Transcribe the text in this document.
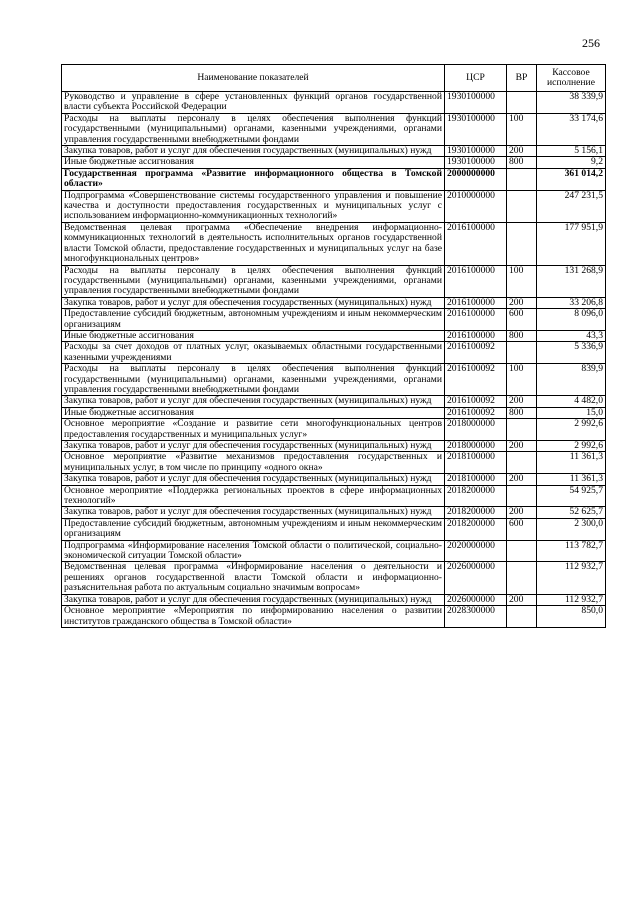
256
Наименование показателей	ЦСР	ВР	Кассовое исполнение
Руководство и управление в сфере установленных функций органов государственной власти субъекта Российской Федерации	1930100000		38 339,9
Расходы на выплаты персоналу в целях обеспечения выполнения функций государственными (муниципальными) органами, казенными учреждениями, органами управления государственными внебюджетными фондами	1930100000	100	33 174,6
Закупка товаров, работ и услуг для обеспечения государственных (муниципальных) нужд	1930100000	200	5 156,1
Иные бюджетные ассигнования	1930100000	800	9,2
Государственная программа «Развитие информационного общества в Томской области»	2000000000		361 014,2
Подпрограмма «Совершенствование системы государственного управления и повышение качества и доступности предоставления государственных и муниципальных услуг с использованием информационно-коммуникационных технологий»	2010000000		247 231,5
Ведомственная целевая программа «Обеспечение внедрения информационно-коммуникационных технологий в деятельность исполнительных органов государственной власти Томской области, предоставление государственных и муниципальных услуг на базе многофункциональных центров»	2016100000		177 951,9
Расходы на выплаты персоналу в целях обеспечения выполнения функций государственными (муниципальными) органами, казенными учреждениями, органами управления государственными внебюджетными фондами	2016100000	100	131 268,9
Закупка товаров, работ и услуг для обеспечения государственных (муниципальных) нужд	2016100000	200	33 206,8
Предоставление субсидий бюджетным, автономным учреждениям и иным некоммерческим организациям	2016100000	600	8 096,0
Иные бюджетные ассигнования	2016100000	800	43,3
Расходы за счет доходов от платных услуг, оказываемых областными государственными казенными учреждениями	2016100092		5 336,9
Расходы на выплаты персоналу в целях обеспечения выполнения функций государственными (муниципальными) органами, казенными учреждениями, органами управления государственными внебюджетными фондами	2016100092	100	839,9
Закупка товаров, работ и услуг для обеспечения государственных (муниципальных) нужд	2016100092	200	4 482,0
Иные бюджетные ассигнования	2016100092	800	15,0
Основное мероприятие «Создание и развитие сети многофункциональных центров предоставления государственных и муниципальных услуг»	2018000000		2 992,6
Закупка товаров, работ и услуг для обеспечения государственных (муниципальных) нужд	2018000000	200	2 992,6
Основное мероприятие «Развитие механизмов предоставления государственных и муниципальных услуг, в том числе по принципу «одного окна»	2018100000		11 361,3
Закупка товаров, работ и услуг для обеспечения государственных (муниципальных) нужд	2018100000	200	11 361,3
Основное мероприятие «Поддержка региональных проектов в сфере информационных технологий»	2018200000		54 925,7
Закупка товаров, работ и услуг для обеспечения государственных (муниципальных) нужд	2018200000	200	52 625,7
Предоставление субсидий бюджетным, автономным учреждениям и иным некоммерческим организациям	2018200000	600	2 300,0
Подпрограмма «Информирование населения Томской области о политической, социально-экономической ситуации Томской области»	2020000000		113 782,7
Ведомственная целевая программа «Информирование населения о деятельности и решениях органов государственной власти Томской области и информационно-разъяснительная работа по актуальным социально значимым вопросам»	2026000000		112 932,7
Закупка товаров, работ и услуг для обеспечения государственных (муниципальных) нужд	2026000000	200	112 932,7
Основное мероприятие «Мероприятия по информированию населения о развитии институтов гражданского общества в Томской области»	2028300000		850,0
